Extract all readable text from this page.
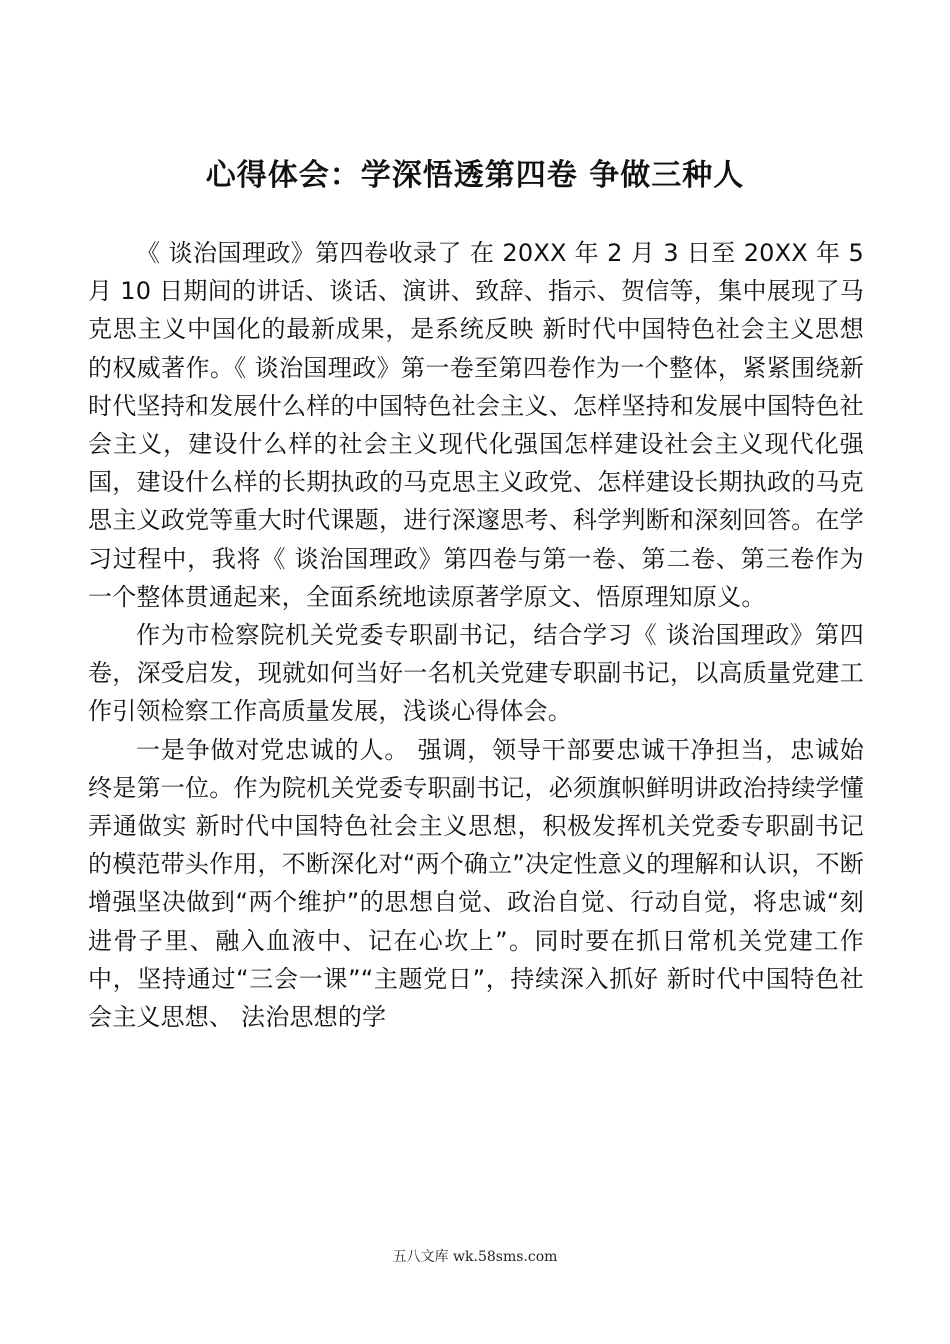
心得体会：学深悟透第四卷 争做三种人

《 谈治国理政》第四卷收录了 在 20XX 年 2 月 3 日至 20XX 年 5 月 10 日期间的讲话、谈话、演讲、致辞、指示、贺信等，集中展现了马克思主义中国化的最新成果，是系统反映 新时代中国特色社会主义思想的权威著作。《 谈治国理政》第一卷至第四卷作为一个整体，紧紧围绕新时代坚持和发展什么样的中国特色社会主义、怎样坚持和发展中国特色社会主义，建设什么样的社会主义现代化强国怎样建设社会主义现代化强国，建设什么样的长期执政的马克思主义政党、怎样建设长期执政的马克思主义政党等重大时代课题，进行深邃思考、科学判断和深刻回答。在学习过程中，我将《 谈治国理政》第四卷与第一卷、第二卷、第三卷作为一个整体贯通起来，全面系统地读原著学原文、悟原理知原义。

作为市检察院机关党委专职副书记，结合学习《 谈治国理政》第四卷，深受启发，现就如何当好一名机关党建专职副书记，以高质量党建工作引领检察工作高质量发展，浅谈心得体会。

一是争做对党忠诚的人。 强调，领导干部要忠诚干净担当，忠诚始终是第一位。作为院机关党委专职副书记，必须旗帜鲜明讲政治持续学懂弄通做实 新时代中国特色社会主义思想，积极发挥机关党委专职副书记的模范带头作用，不断深化对“两个确立”决定性意义的理解和认识，不断增强坚决做到“两个维护”的思想自觉、政治自觉、行动自觉，将忠诚“刻进骨子里、融入血液中、记在心坎上”。同时要在抓日常机关党建工作中，坚持通过“三会一课”“主题党日”，持续深入抓好 新时代中国特色社会主义思想、 法治思想的学

五八文库 wk.58sms.com
